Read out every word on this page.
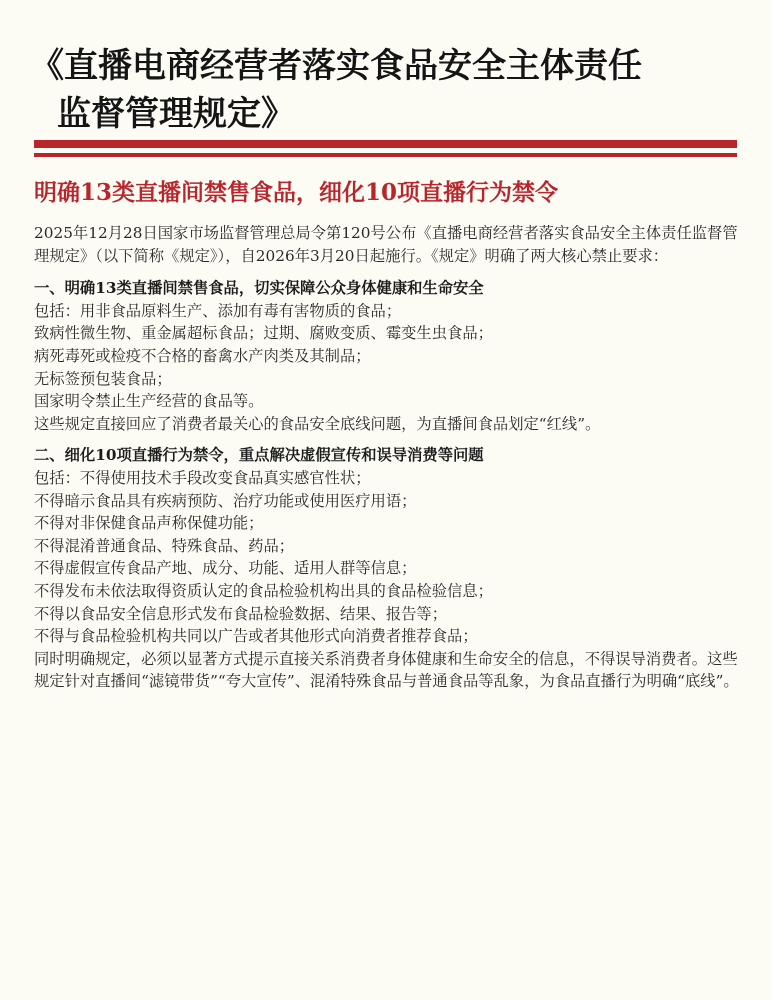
《直播电商经营者落实食品安全主体责任
监督管理规定》
明确13类直播间禁售食品，细化10项直播行为禁令

2025年12月28日国家市场监督管理总局令第120号公布《直播电商经营者落实食品安全主体责任监督管理规定》（以下简称《规定》），自2026年3月20日起施行。《规定》明确了两大核心禁止要求：

一、明确13类直播间禁售食品，切实保障公众身体健康和生命安全

包括：用非食品原料生产、添加有毒有害物质的食品；

致病性微生物、重金属超标食品；过期、腐败变质、霉变生虫食品；

病死毒死或检疫不合格的畜禽水产肉类及其制品；

无标签预包装食品；

国家明令禁止生产经营的食品等。

这些规定直接回应了消费者最关心的食品安全底线问题，为直播间食品划定“红线”。

二、细化10项直播行为禁令，重点解决虚假宣传和误导消费等问题

包括：不得使用技术手段改变食品真实感官性状；

不得暗示食品具有疾病预防、治疗功能或使用医疗用语；

不得对非保健食品声称保健功能；

不得混淆普通食品、特殊食品、药品；

不得虚假宣传食品产地、成分、功能、适用人群等信息；

不得发布未依法取得资质认定的食品检验机构出具的食品检验信息；

不得以食品安全信息形式发布食品检验数据、结果、报告等；

不得与食品检验机构共同以广告或者其他形式向消费者推荐食品；

同时明确规定，必须以显著方式提示直接关系消费者身体健康和生命安全的信息，不得误导消费者。这些规定针对直播间“滤镜带货”“夸大宣传”、混淆特殊食品与普通食品等乱象，为食品直播行为明确“底线”。
